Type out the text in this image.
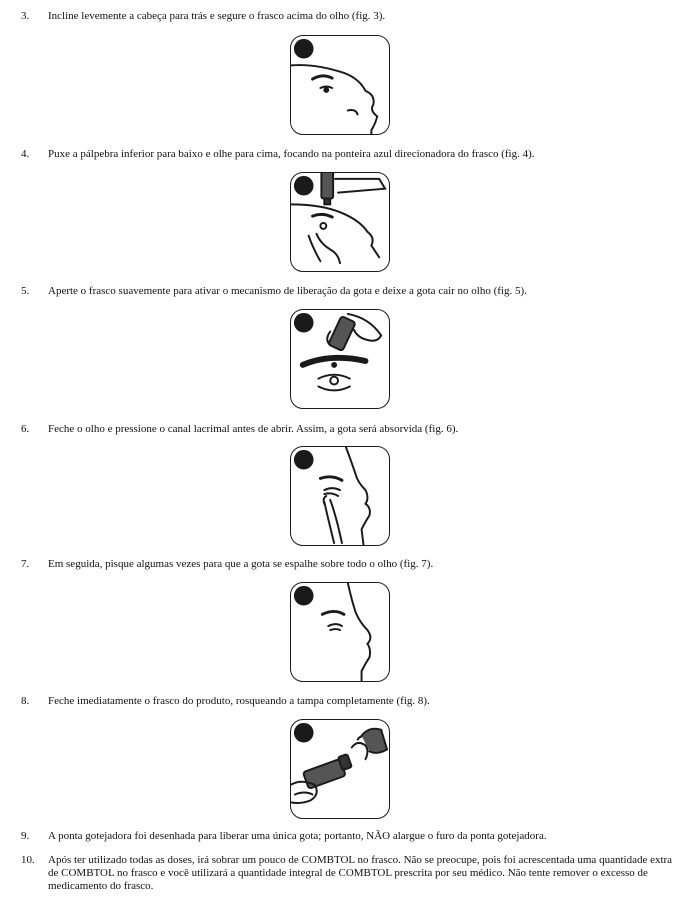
3. Incline levemente a cabeça para trás e segure o frasco acima do olho (fig. 3).
3
4. Puxe a pálpebra inferior para baixo e olhe para cima, focando na ponteira azul direcionadora do frasco (fig. 4).
4
5. Aperte o frasco suavemente para ativar o mecanismo de liberação da gota e deixe a gota cair no olho (fig. 5).
5
6. Feche o olho e pressione o canal lacrimal antes de abrir. Assim, a gota será absorvida (fig. 6).
6
7. Em seguida, pisque algumas vezes para que a gota se espalhe sobre todo o olho (fig. 7).
7
8. Feche imediatamente o frasco do produto, rosqueando a tampa completamente (fig. 8).
8
9. A ponta gotejadora foi desenhada para liberar uma única gota; portanto, NÃO alargue o furo da ponta gotejadora.
10. Após ter utilizado todas as doses, irá sobrar um pouco de COMBTOL no frasco. Não se preocupe, pois foi acrescentada uma quantidade extra de COMBTOL no frasco e você utilizará a quantidade integral de COMBTOL prescrita por seu médico. Não tente remover o excesso de medicamento do frasco.
